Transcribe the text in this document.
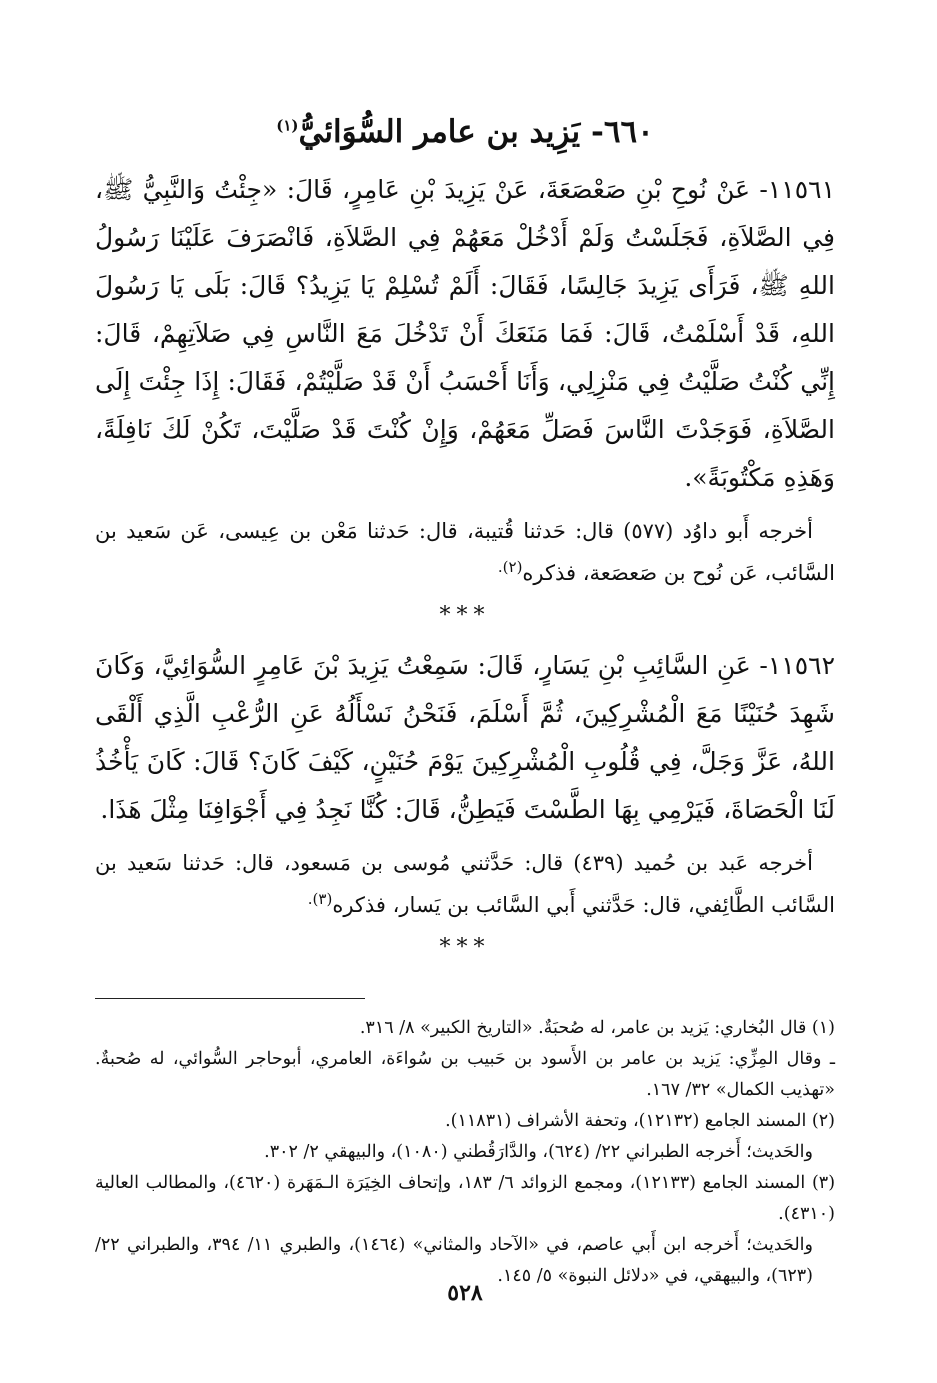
٦٦٠- يَزِيد بن عامر السُّوَائيُّ$^{(١)}$

١١٥٦١- عَنْ نُوحِ بْنِ صَعْصَعَةَ، عَنْ يَزِيدَ بْنِ عَامِرٍ، قَالَ: «جِئْتُ وَالنَّبِيُّ ﷺ، فِي الصَّلاَةِ، فَجَلَسْتُ وَلَمْ أَدْخُلْ مَعَهُمْ فِي الصَّلاَةِ، فَانْصَرَفَ عَلَيْنَا رَسُولُ اللهِ ﷺ، فَرَأَى يَزِيدَ جَالِسًا، فَقَالَ: أَلَمْ تُسْلِمْ يَا يَزِيدُ؟ قَالَ: بَلَى يَا رَسُولَ اللهِ، قَدْ أَسْلَمْتُ، قَالَ: فَمَا مَنَعَكَ أَنْ تَدْخُلَ مَعَ النَّاسِ فِي صَلاَتِهِمْ، قَالَ: إِنِّي كُنْتُ صَلَّيْتُ فِي مَنْزِلِي، وَأَنَا أَحْسَبُ أَنْ قَدْ صَلَّيْتُمْ، فَقَالَ: إِذَا جِئْتَ إِلَى الصَّلاَةِ، فَوَجَدْتَ النَّاسَ فَصَلِّ مَعَهُمْ، وَإِنْ كُنْتَ قَدْ صَلَّيْتَ، تَكُنْ لَكَ نَافِلَةً، وَهَذِهِ مَكْتُوبَةً».

أخرجه أَبو داوُد (٥٧٧) قال: حَدثنا قُتيبة، قال: حَدثنا مَعْن بن عِيسى، عَن سَعيد بن السَّائب، عَن نُوح بن صَعصَعة، فذكره$^{(٢).}$

***

١١٥٦٢- عَنِ السَّائِبِ بْنِ يَسَارٍ، قَالَ: سَمِعْتُ يَزِيدَ بْنَ عَامِرٍ السُّوَائِيَّ، وَكَانَ شَهِدَ حُنَيْنًا مَعَ الْمُشْرِكِينَ، ثُمَّ أَسْلَمَ، فَنَحْنُ نَسْأَلُهُ عَنِ الرُّعْبِ الَّذِي أَلْقَى اللهُ، عَزَّ وَجَلَّ، فِي قُلُوبِ الْمُشْرِكِينَ يَوْمَ حُنَيْنٍ، كَيْفَ كَانَ؟ قَالَ: كَانَ يَأْخُذُ لَنَا الْحَصَاةَ، فَيَرْمِي بِهَا الطَّسْتَ فَيَطِنُّ، قَالَ: كُنَّا نَجِدُ فِي أَجْوَافِنَا مِثْلَ هَذَا.

أخرجه عَبد بن حُميد (٤٣٩) قال: حَدَّثني مُوسى بن مَسعود، قال: حَدثنا سَعيد بن السَّائب الطَّائِفي، قال: حَدَّثني أَبي السَّائب بن يَسار، فذكره$^{(٣).}$

***

(١) قال البُخاري: يَزيد بن عامر، له صُحبَةٌ. «التاريخ الكبير» ٨/ ٣١٦.

ـ وقال المِزِّي: يَزيد بن عامر بن الأَسود بن حَبيب بن سُواءَة، العامري، أبوحاجر السُّوائي، له صُحبةٌ. «تهذيب الكمال» ٣٢/ ١٦٧.

(٢) المسند الجامع (١٢١٣٢)، وتحفة الأشراف (١١٨٣١).

والحَديث؛ أَخرجه الطبراني ٢٢/ (٦٢٤)، والدَّارَقُطني (١٠٨٠)، والبيهقي ٢/ ٣٠٢.

(٣) المسند الجامع (١٢١٣٣)، ومجمع الزوائد ٦/ ١٨٣، وإتحاف الخِيَرَة الـمَهَرة (٤٦٢٠)، والمطالب العالية (٤٣١٠).

والحَديث؛ أَخرجه ابن أَبي عاصم، في «الآحاد والمثاني» (١٤٦٤)، والطبري ١١/ ٣٩٤، والطبراني ٢٢/ (٦٢٣)، والبيهقي، في «دلائل النبوة» ٥/ ١٤٥.

٥٢٨
